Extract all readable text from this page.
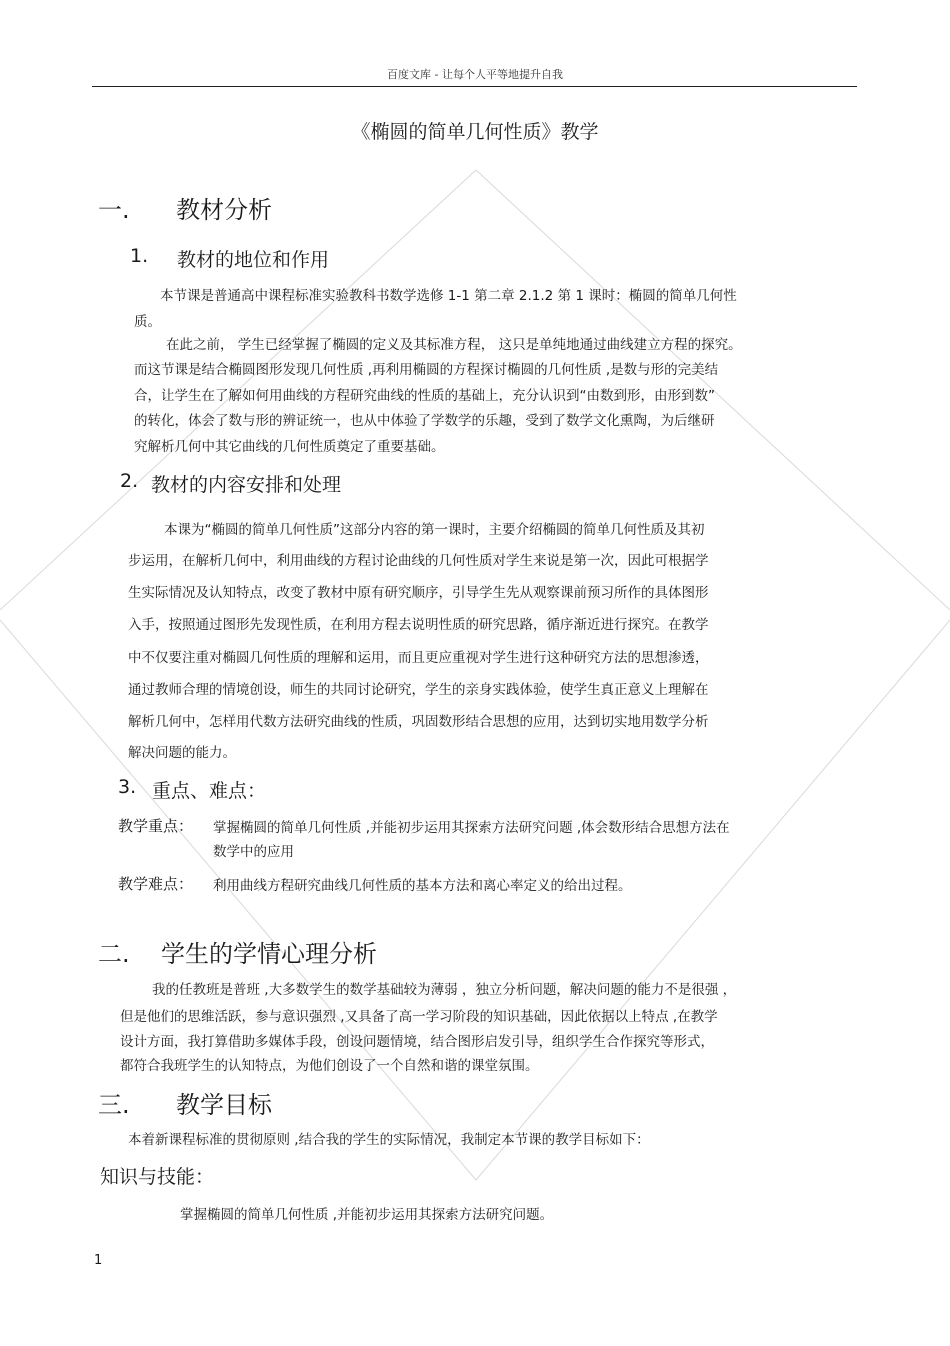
百度文库 - 让每个人平等地提升自我
《椭圆的简单几何性质》教学
一. 教材分析
1. 教材的地位和作用
本节课是普通高中课程标准实验教科书数学选修 1-1 第二章 2.1.2 第 1 课时：椭圆的简单几何性
质。
在此之前， 学生已经掌握了椭圆的定义及其标准方程， 这只是单纯地通过曲线建立方程的探究。
而这节课是结合椭圆图形发现几何性质 ,再利用椭圆的方程探讨椭圆的几何性质 ,是数与形的完美结
合，让学生在了解如何用曲线的方程研究曲线的性质的基础上，充分认识到“由数到形，由形到数”
的转化，体会了数与形的辨证统一，也从中体验了学数学的乐趣，受到了数学文化熏陶，为后继研
究解析几何中其它曲线的几何性质奠定了重要基础。
2. 教材的内容安排和处理
本课为“椭圆的简单几何性质”这部分内容的第一课时，主要介绍椭圆的简单几何性质及其初
步运用，在解析几何中，利用曲线的方程讨论曲线的几何性质对学生来说是第一次，因此可根据学
生实际情况及认知特点，改变了教材中原有研究顺序，引导学生先从观察课前预习所作的具体图形
入手，按照通过图形先发现性质，在利用方程去说明性质的研究思路，循序渐近进行探究。在教学
中不仅要注重对椭圆几何性质的理解和运用，而且更应重视对学生进行这种研究方法的思想渗透，
通过教师合理的情境创设，师生的共同讨论研究，学生的亲身实践体验，使学生真正意义上理解在
解析几何中，怎样用代数方法研究曲线的性质，巩固数形结合思想的应用，达到切实地用数学分析
解决问题的能力。
3. 重点、难点：
教学重点： 掌握椭圆的简单几何性质 ,并能初步运用其探索方法研究问题 ,体会数形结合思想方法在
数学中的应用
教学难点： 利用曲线方程研究曲线几何性质的基本方法和离心率定义的给出过程。
二. 学生的学情心理分析
我的任教班是普班 ,大多数学生的数学基础较为薄弱 ，独立分析问题，解决问题的能力不是很强 ，
但是他们的思维活跃，参与意识强烈 ,又具备了高一学习阶段的知识基础，因此依据以上特点 ,在教学
设计方面，我打算借助多媒体手段，创设问题情境，结合图形启发引导，组织学生合作探究等形式，
都符合我班学生的认知特点，为他们创设了一个自然和谐的课堂氛围。
三. 教学目标
本着新课程标准的贯彻原则 ,结合我的学生的实际情况，我制定本节课的教学目标如下：
知识与技能：
掌握椭圆的简单几何性质 ,并能初步运用其探索方法研究问题。
1
